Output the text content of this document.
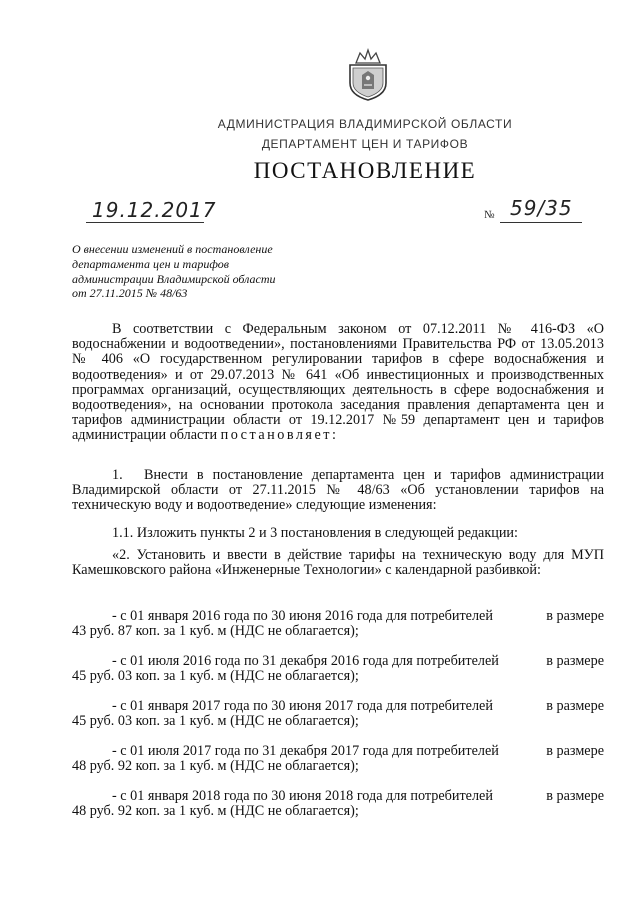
АДМИНИСТРАЦИЯ ВЛАДИМИРСКОЙ ОБЛАСТИ
ДЕПАРТАМЕНТ ЦЕН И ТАРИФОВ
ПОСТАНОВЛЕНИЕ
19.12.2017	№ 59/35
О внесении изменений в постановление
департамента цен и тарифов
администрации Владимирской области
от 27.11.2015 № 48/63
В соответствии с Федеральным законом от 07.12.2011 № 416-ФЗ «О водоснабжении и водоотведении», постановлениями Правительства РФ от 13.05.2013 № 406 «О государственном регулировании тарифов в сфере водоснабжения и водоотведения» и от 29.07.2013 № 641 «Об инвестиционных и производственных программах организаций, осуществляющих деятельность в сфере водоснабжения и водоотведения», на основании протокола заседания правления департамента цен и тарифов администрации области от 19.12.2017 №59 департамент цен и тарифов администрации области постановляет:
1. Внести в постановление департамента цен и тарифов администрации Владимирской области от 27.11.2015 № 48/63 «Об установлении тарифов на техническую воду и водоотведение» следующие изменения:
1.1. Изложить пункты 2 и 3 постановления в следующей редакции:
«2. Установить и ввести в действие тарифы на техническую воду для МУП Камешковского района «Инженерные Технологии» с календарной разбивкой:
- с 01 января 2016 года по 30 июня 2016 года для потребителей	в размере
43 руб. 87 коп. за 1 куб. м (НДС не облагается);
- с 01 июля 2016 года по 31 декабря 2016 года для потребителей	в размере
45 руб. 03 коп. за 1 куб. м (НДС не облагается);
- с 01 января 2017 года по 30 июня 2017 года для потребителей	в размере
45 руб. 03 коп. за 1 куб. м (НДС не облагается);
- с 01 июля 2017 года по 31 декабря 2017 года для потребителей	в размере
48 руб. 92 коп. за 1 куб. м (НДС не облагается);
- с 01 января 2018 года по 30 июня 2018 года для потребителей	в размере
48 руб. 92 коп. за 1 куб. м (НДС не облагается);
